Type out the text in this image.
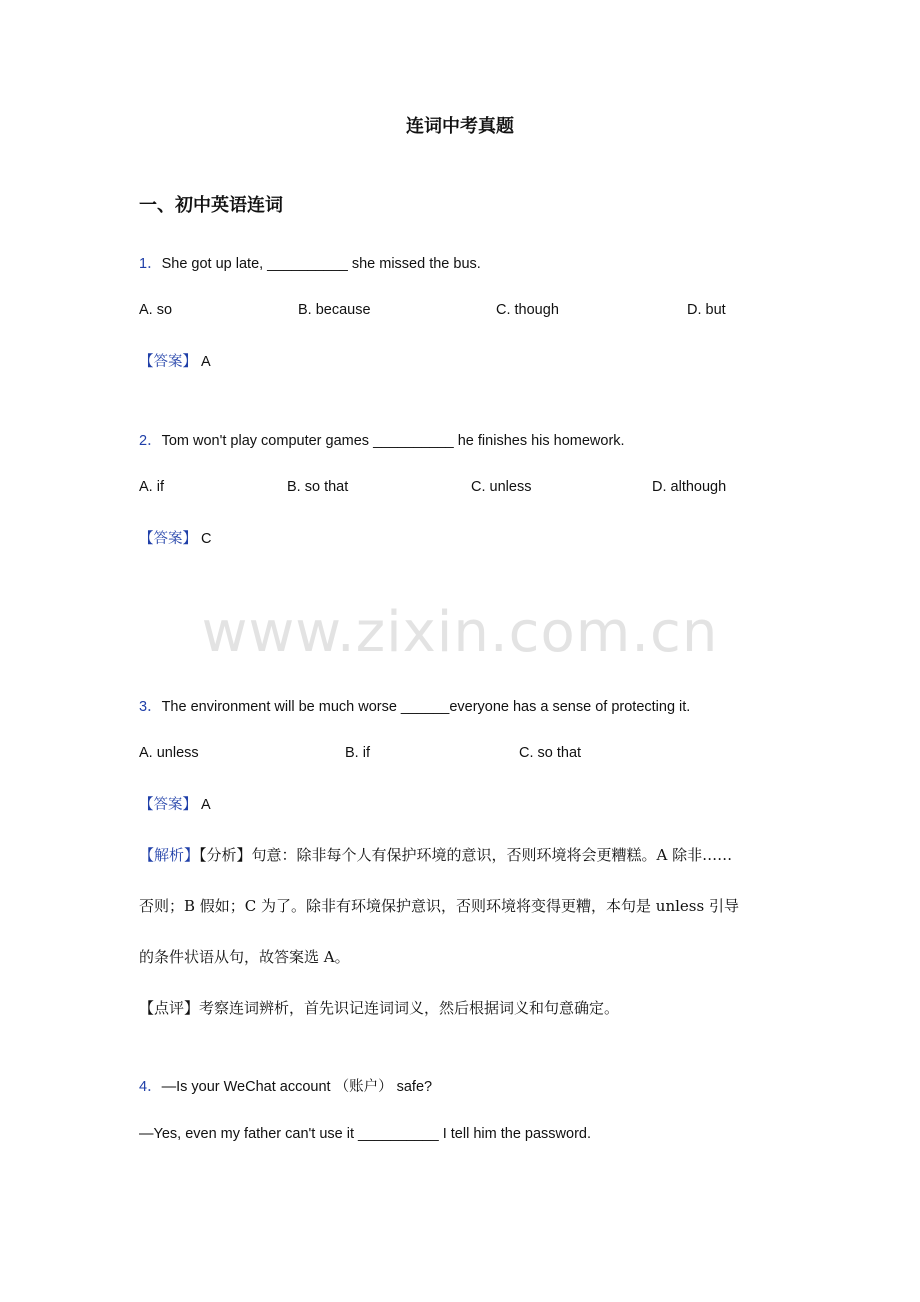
连词中考真题
一、初中英语连词
1．She got up late, __________ she missed the bus.
A. so	B. because	C. though	D. but
【答案】 A
2．Tom won't play computer games __________ he finishes his homework.
A. if	B. so that	C. unless	D. although
【答案】 C
www.zixin.com.cn
3．The environment will be much worse ______everyone has a sense of protecting it.
A. unless	B. if	C. so that
【答案】 A
【解析】【分析】句意：除非每个人有保护环境的意识，否则环境将会更糟糕。A 除非……
否则；B 假如；C 为了。除非有环境保护意识，否则环境将变得更糟，本句是 unless 引导
的条件状语从句，故答案选 A。
【点评】考察连词辨析，首先识记连词词义，然后根据词义和句意确定。
4．—Is your WeChat account （账户） safe?
—Yes, even my father can't use it __________ I tell him the password.
